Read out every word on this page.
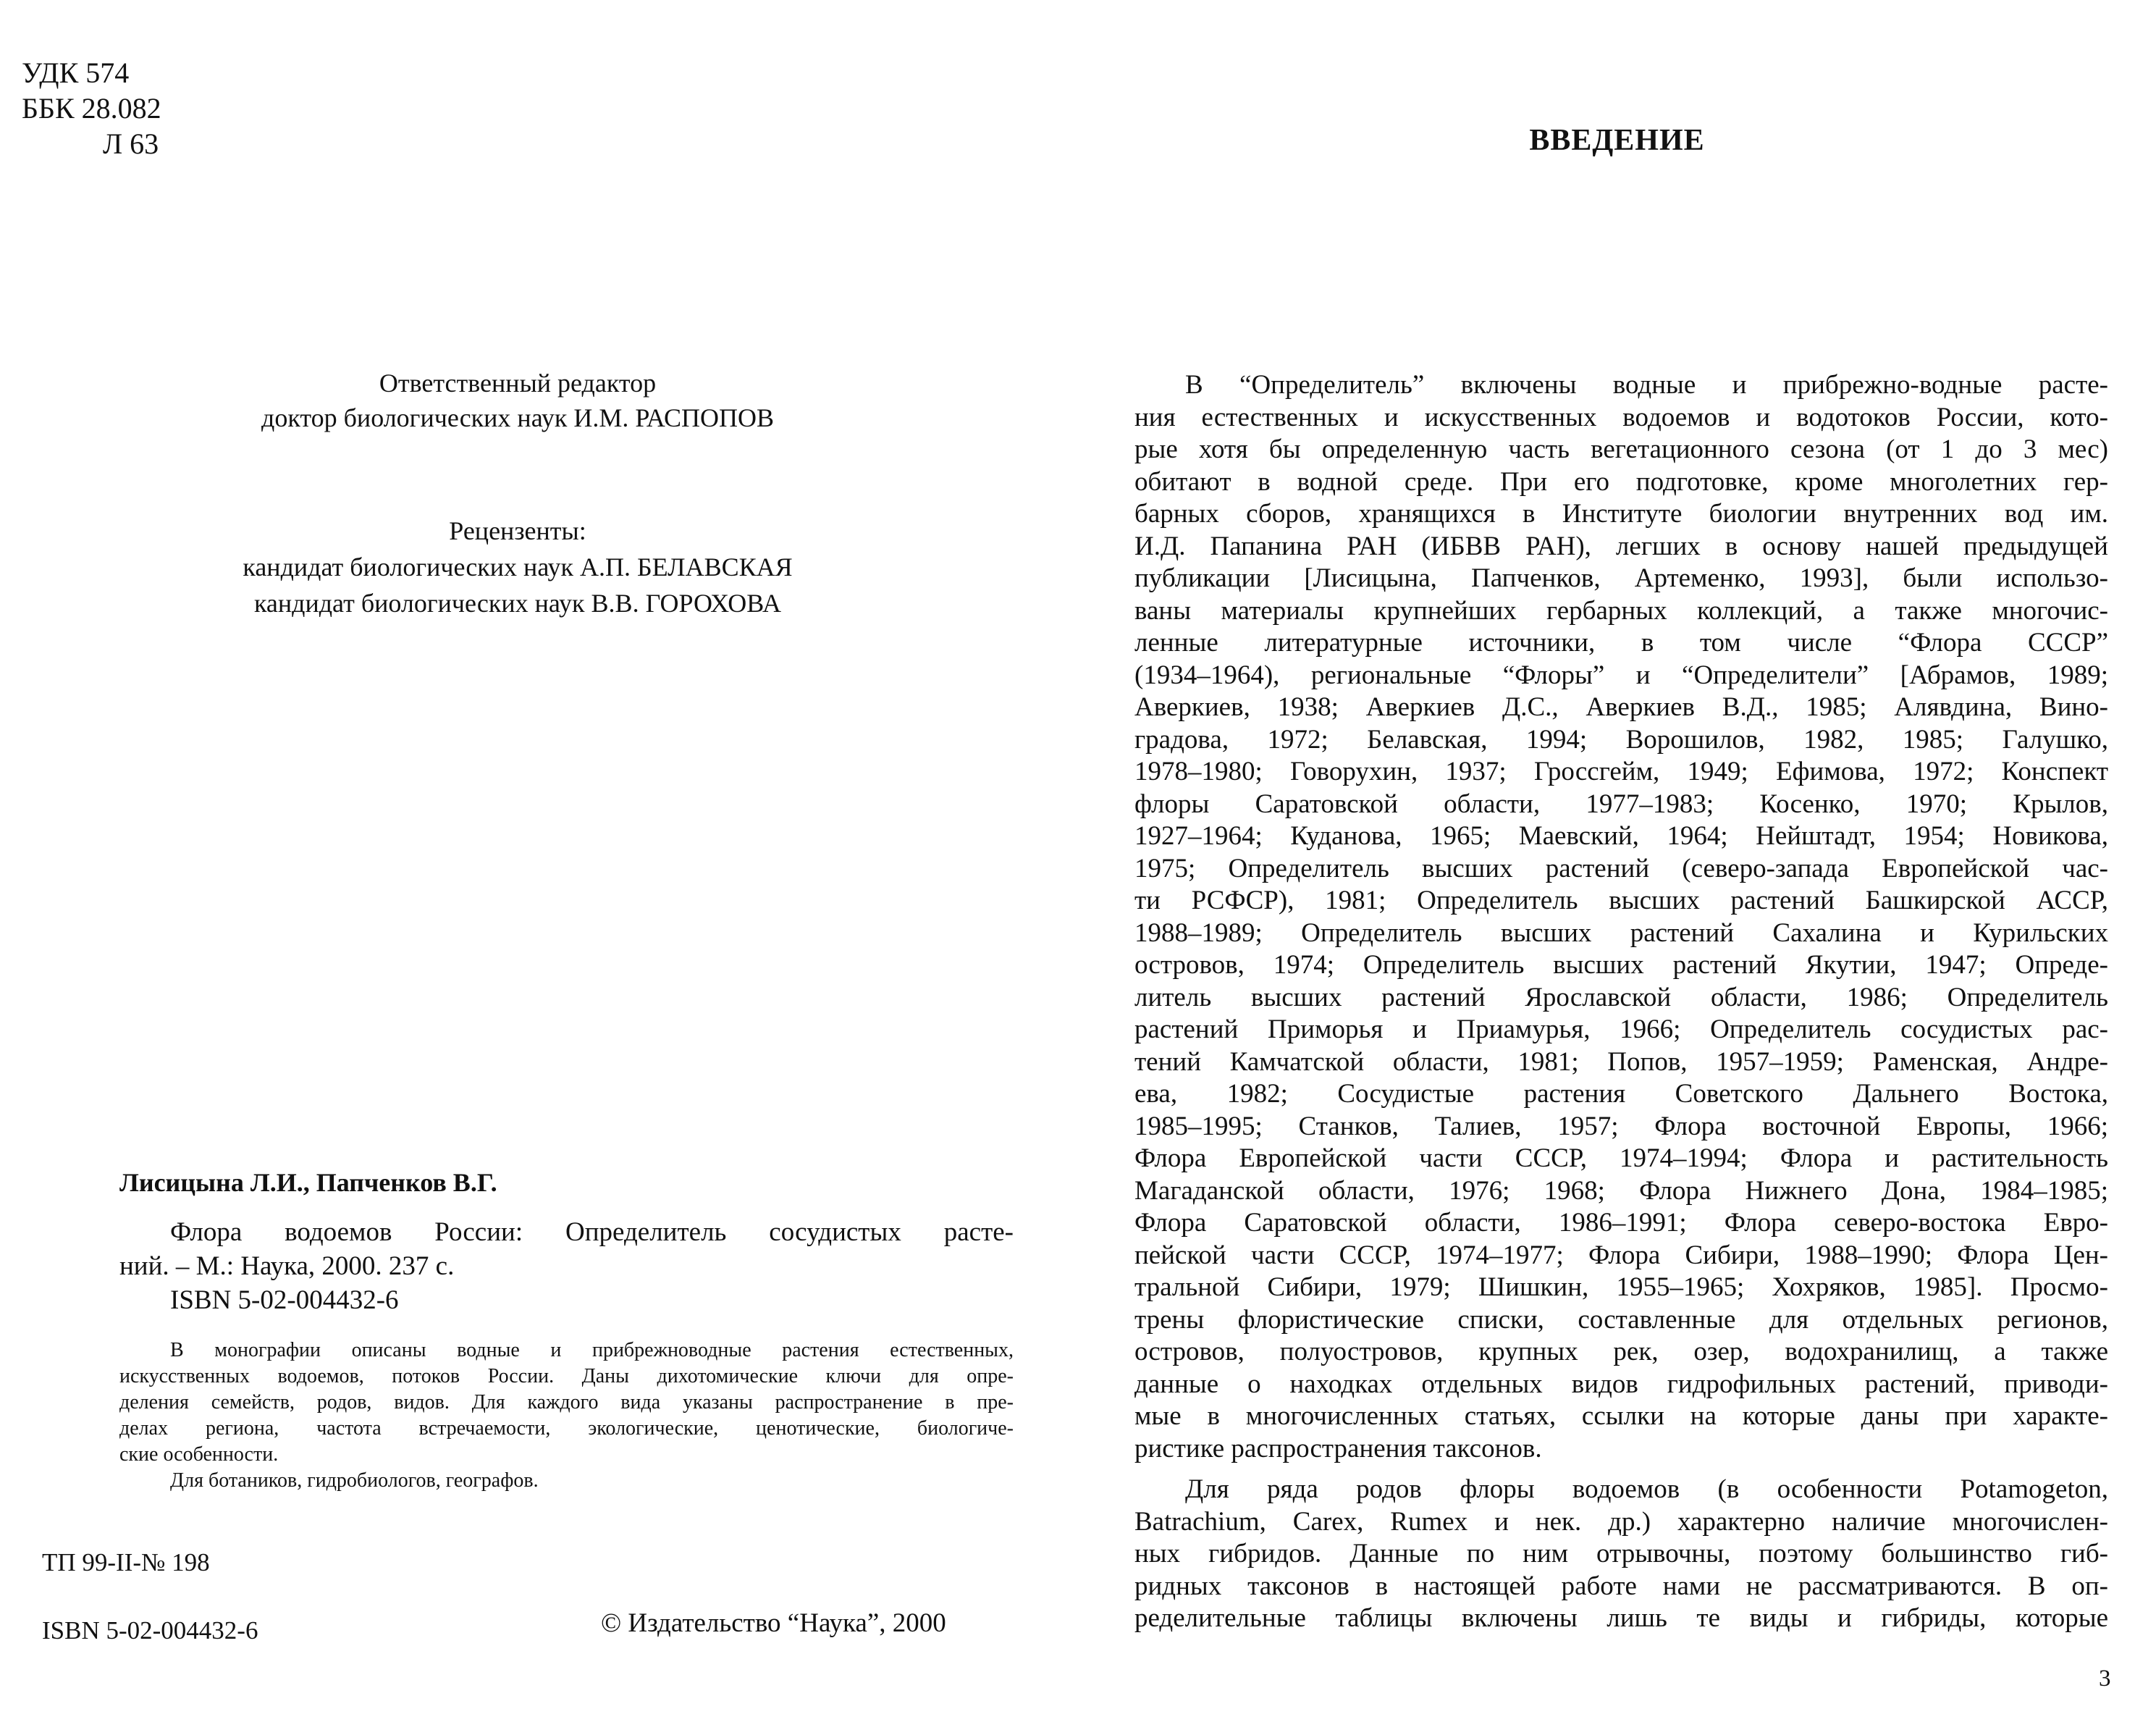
УДК 574
ББК 28.082
Л 63
Ответственный редактор
доктор биологических наук И.М. РАСПОПОВ
Рецензенты:
кандидат биологических наук А.П. БЕЛАВСКАЯ
кандидат биологических наук В.В. ГОРОХОВА
Лисицына Л.И., Папченков В.Г.
Флора водоемов России: Определитель сосудистых расте-
ний. – М.: Наука, 2000. 237 с.
ISBN 5-02-004432-6
В монографии описаны водные и прибрежноводные растения естественных,
искусственных водоемов, потоков России. Даны дихотомические ключи для опре-
деления семейств, родов, видов. Для каждого вида указаны распространение в пре-
делах региона, частота встречаемости, экологические, ценотические, биологиче-
ские особенности.
Для ботаников, гидробиологов, географов.
ТП 99-II-№ 198
ISBN 5-02-004432-6	© Издательство “Наука”, 2000
ВВЕДЕНИЕ
В “Определитель” включены водные и прибрежно-водные расте-
ния естественных и искусственных водоемов и водотоков России, кото-
рые хотя бы определенную часть вегетационного сезона (от 1 до 3 мес)
обитают в водной среде. При его подготовке, кроме многолетних гер-
барных сборов, хранящихся в Институте биологии внутренних вод им.
И.Д. Папанина РАН (ИБВВ РАН), легших в основу нашей предыдущей
публикации [Лисицына, Папченков, Артеменко, 1993], были использо-
ваны материалы крупнейших гербарных коллекций, а также многочис-
ленные литературные источники, в том числе “Флора СССР”
(1934–1964), региональные “Флоры” и “Определители” [Абрамов, 1989;
Аверкиев, 1938; Аверкиев Д.С., Аверкиев В.Д., 1985; Алявдина, Вино-
градова, 1972; Белавская, 1994; Ворошилов, 1982, 1985; Галушко,
1978–1980; Говорухин, 1937; Гроссгейм, 1949; Ефимова, 1972; Конспект
флоры Саратовской области, 1977–1983; Косенко, 1970; Крылов,
1927–1964; Куданова, 1965; Маевский, 1964; Нейштадт, 1954; Новикова,
1975; Определитель высших растений (северо-запада Европейской час-
ти РСФСР), 1981; Определитель высших растений Башкирской АССР,
1988–1989; Определитель высших растений Сахалина и Курильских
островов, 1974; Определитель высших растений Якутии, 1947; Опреде-
литель высших растений Ярославской области, 1986; Определитель
растений Приморья и Приамурья, 1966; Определитель сосудистых рас-
тений Камчатской области, 1981; Попов, 1957–1959; Раменская, Андре-
ева, 1982; Сосудистые растения Советского Дальнего Востока,
1985–1995; Станков, Талиев, 1957; Флора восточной Европы, 1966;
Флора Европейской части СССР, 1974–1994; Флора и растительность
Магаданской области, 1976; 1968; Флора Нижнего Дона, 1984–1985;
Флора Саратовской области, 1986–1991; Флора северо-востока Евро-
пейской части СССР, 1974–1977; Флора Сибири, 1988–1990; Флора Цен-
тральной Сибири, 1979; Шишкин, 1955–1965; Хохряков, 1985]. Просмо-
трены флористические списки, составленные для отдельных регионов,
островов, полуостровов, крупных рек, озер, водохранилищ, а также
данные о находках отдельных видов гидрофильных растений, приводи-
мые в многочисленных статьях, ссылки на которые даны при характе-
ристике распространения таксонов.
Для ряда родов флоры водоемов (в особенности Potamogeton,
Batrachium, Carex, Rumex и нек. др.) характерно наличие многочислен-
ных гибридов. Данные по ним отрывочны, поэтому большинство гиб-
ридных таксонов в настоящей работе нами не рассматриваются. В оп-
ределительные таблицы включены лишь те виды и гибриды, которые
3
